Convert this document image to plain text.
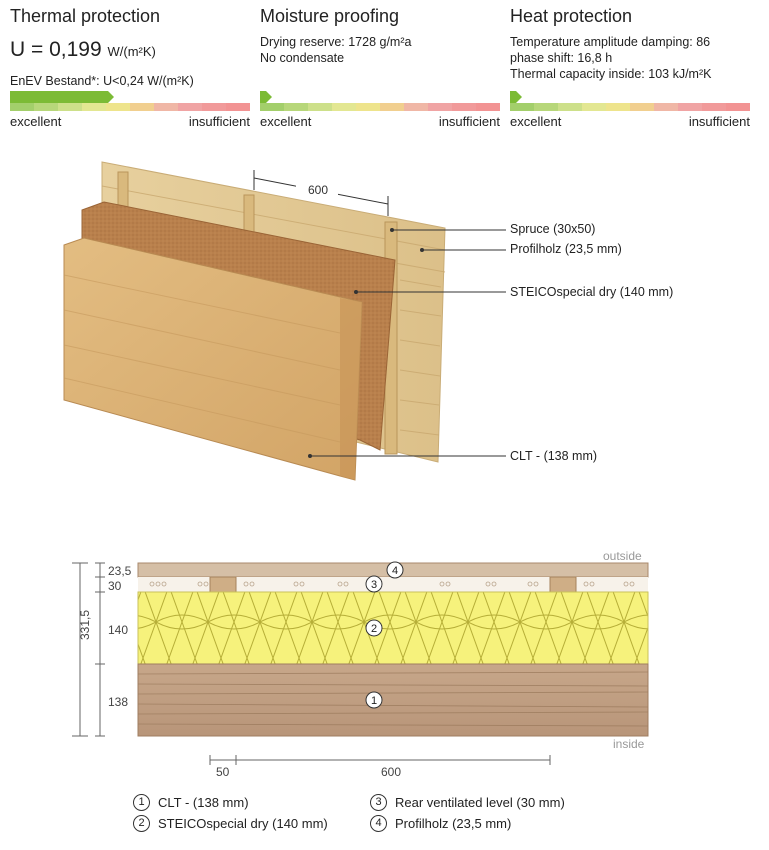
Thermal protection
U = 0,199 W/(m²K)
EnEV Bestand*: U<0,24 W/(m²K)
excellent	insufficient
Moisture proofing
Drying reserve: 1728 g/m²a
No condensate
excellent	insufficient
Heat protection
Temperature amplitude damping: 86
phase shift: 16,8 h
Thermal capacity inside: 103 kJ/m²K
excellent	insufficient
600
Spruce (30x50)
Profilholz (23,5 mm)
STEICOspecial dry (140 mm)
CLT - (138 mm)
4
3
2
1
outside
inside
331,5
23,5
30
140
138
50	600
1	CLT - (138 mm)
2	STEICOspecial dry (140 mm)
3	Rear ventilated level (30 mm)
4	Profilholz (23,5 mm)
